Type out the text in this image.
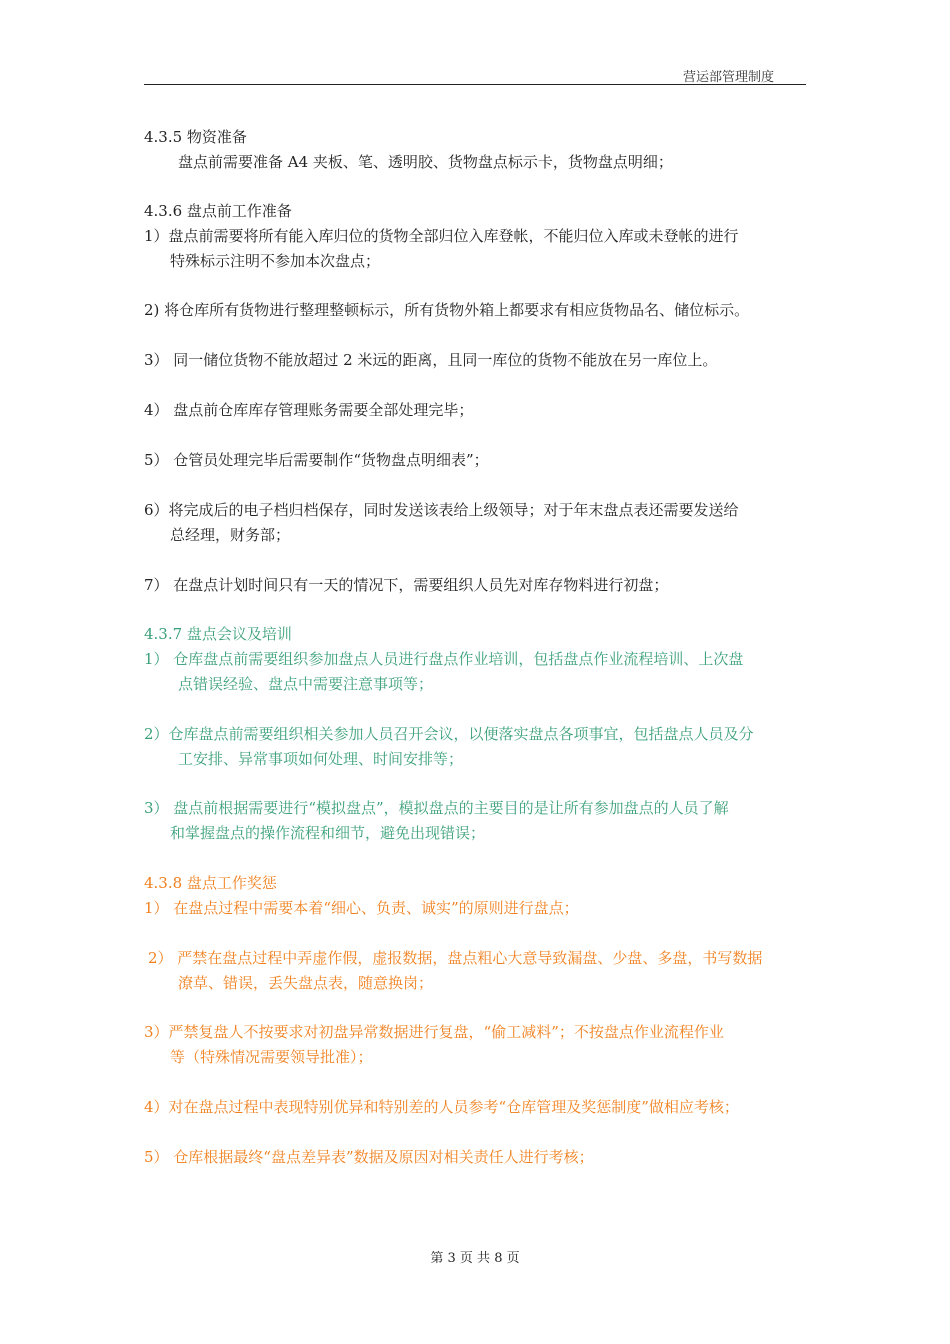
营运部管理制度
4.3.5 物资准备
盘点前需要准备 A4 夹板、笔、透明胶、货物盘点标示卡，货物盘点明细；
4.3.6 盘点前工作准备
1）盘点前需要将所有能入库归位的货物全部归位入库登帐，不能归位入库或未登帐的进行
特殊标示注明不参加本次盘点；
2) 将仓库所有货物进行整理整顿标示，所有货物外箱上都要求有相应货物品名、储位标示。
3） 同一储位货物不能放超过 2 米远的距离，且同一库位的货物不能放在另一库位上。
4） 盘点前仓库库存管理账务需要全部处理完毕；
5） 仓管员处理完毕后需要制作“货物盘点明细表”；
6）将完成后的电子档归档保存，同时发送该表给上级领导；对于年末盘点表还需要发送给
总经理，财务部；
7） 在盘点计划时间只有一天的情况下，需要组织人员先对库存物料进行初盘；
4.3.7 盘点会议及培训
1） 仓库盘点前需要组织参加盘点人员进行盘点作业培训，包括盘点作业流程培训、上次盘
点错误经验、盘点中需要注意事项等；
2）仓库盘点前需要组织相关参加人员召开会议，以便落实盘点各项事宜，包括盘点人员及分
工安排、异常事项如何处理、时间安排等；
3） 盘点前根据需要进行“模拟盘点”，模拟盘点的主要目的是让所有参加盘点的人员了解
和掌握盘点的操作流程和细节，避免出现错误；
4.3.8 盘点工作奖惩
1） 在盘点过程中需要本着“细心、负责、诚实”的原则进行盘点；
2） 严禁在盘点过程中弄虚作假，虚报数据，盘点粗心大意导致漏盘、少盘、多盘，书写数据
潦草、错误，丢失盘点表，随意换岗；
3）严禁复盘人不按要求对初盘异常数据进行复盘，“偷工减料”；不按盘点作业流程作业
等（特殊情况需要领导批准）；
4）对在盘点过程中表现特别优异和特别差的人员参考“仓库管理及奖惩制度”做相应考核；
5） 仓库根据最终“盘点差异表”数据及原因对相关责任人进行考核；
第 3 页 共 8 页
